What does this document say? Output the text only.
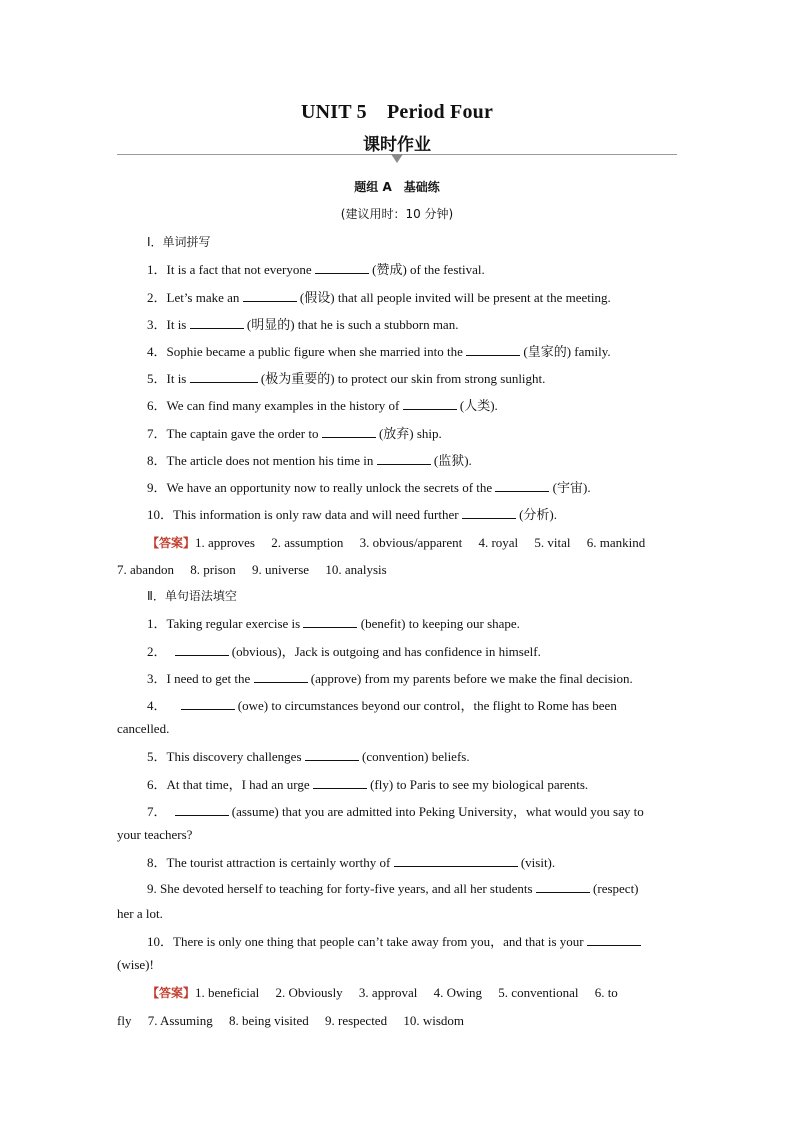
UNIT 5　Period Four
课时作业
题组 A　基础练
(建议用时：10 分钟)
Ⅰ．单词拼写
1．It is a fact that not everyone	(赞成) of the festival.
2．Let’s make an	(假设) that all people invited will be present at the meeting.
3．It is	(明显的) that he is such a stubborn man.
4．Sophie became a public figure when she married into the	(皇家的) family.
5．It is	(极为重要的) to protect our skin from strong sunlight.
6．We can find many examples in the history of	(人类).
7．The captain gave the order to	(放弃) ship.
8．The article does not mention his time in	(监狱).
9．We have an opportunity now to really unlock the secrets of the	(宇宙).
10．This information is only raw data and will need further	(分析).
【答案】1. approves　 2. assumption　 3. obvious/apparent　 4. royal　 5. vital　 6. mankind
7. abandon　 8. prison　 9. universe　 10. analysis
Ⅱ．单句语法填空
1．Taking regular exercise is	(benefit) to keeping our shape.
2．	(obvious)，Jack is outgoing and has confidence in himself.
3．I need to get the	(approve) from my parents before we make the final decision.
4．	(owe) to circumstances beyond our control，the flight to Rome has been
cancelled.
5．This discovery challenges	(convention) beliefs.
6．At that time，I had an urge	(fly) to Paris to see my biological parents.
7．	(assume) that you are admitted into Peking University，what would you say to
your teachers?
8．The tourist attraction is certainly worthy of	(visit).
9. She devoted herself to teaching for forty-five years, and all her students	(respect)
her a lot.
10．There is only one thing that people can’t take away from you，and that is your
(wise)!
【答案】1. beneficial　 2. Obviously　 3. approval　 4. Owing　 5. conventional　 6. to
fly　 7. Assuming　 8. being visited　 9. respected　 10. wisdom
